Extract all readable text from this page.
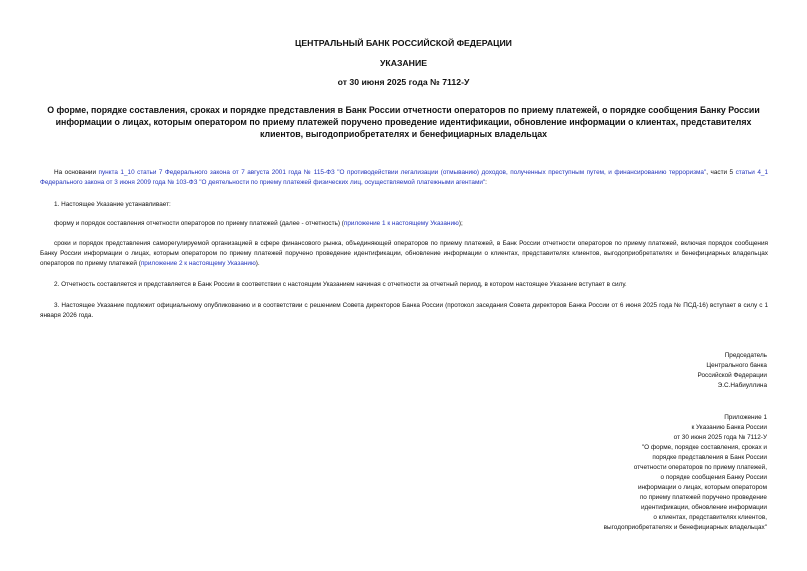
ЦЕНТРАЛЬНЫЙ БАНК РОССИЙСКОЙ ФЕДЕРАЦИИ
УКАЗАНИЕ
от 30 июня 2025 года № 7112-У
О форме, порядке составления, сроках и порядке представления в Банк России отчетности операторов по приему платежей, о порядке сообщения Банку России информации о лицах, которым оператором по приему платежей поручено проведение идентификации, обновление информации о клиентах, представителях клиентов, выгодоприобретателях и бенефициарных владельцах
На основании пункта 1_10 статьи 7 Федерального закона от 7 августа 2001 года № 115-ФЗ "О противодействии легализации (отмыванию) доходов, полученных преступным путем, и финансированию терроризма", части 5 статьи 4_1 Федерального закона от 3 июня 2009 года № 103-ФЗ "О деятельности по приему платежей физических лиц, осуществляемой платежными агентами":
1. Настоящее Указание устанавливает:
форму и порядок составления отчетности операторов по приему платежей (далее - отчетность) (приложение 1 к настоящему Указанию);
сроки и порядок представления саморегулируемой организацией в сфере финансового рынка, объединяющей операторов по приему платежей, в Банк России отчетности операторов по приему платежей, включая порядок сообщения Банку России информации о лицах, которым оператором по приему платежей поручено проведение идентификации, обновление информации о клиентах, представителях клиентов, выгодоприобретателях и бенефициарных владельцах операторов по приему платежей (приложение 2 к настоящему Указанию).
2. Отчетность составляется и представляется в Банк России в соответствии с настоящим Указанием начиная с отчетности за отчетный период, в котором настоящее Указание вступает в силу.
3. Настоящее Указание подлежит официальному опубликованию и в соответствии с решением Совета директоров Банка России (протокол заседания Совета директоров Банка России от 6 июня 2025 года № ПСД-16) вступает в силу с 1 января 2026 года.
Председатель
Центрального банка
Российской Федерации
Э.С.Набиуллина
Приложение 1
к Указанию Банка России
от 30 июня 2025 года № 7112-У
"О форме, порядке составления, сроках и
порядке представления в Банк России
отчетности операторов по приему платежей,
о порядке сообщения Банку России
информации о лицах, которым оператором
по приему платежей поручено проведение
идентификации, обновление информации
о клиентах, представителях клиентов,
выгодоприобретателях и бенефициарных владельцах"
